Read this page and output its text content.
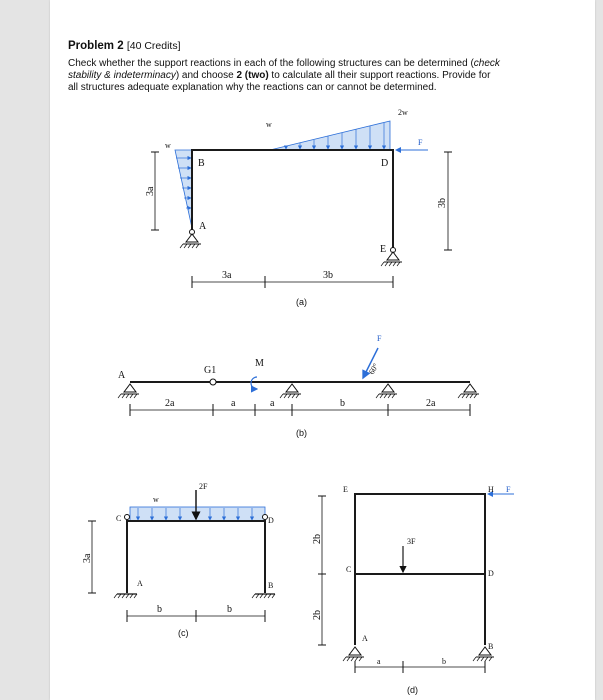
Problem 2 [40 Credits]

Check whether the support reactions in each of the following structures can be determined (check
stability & indeterminacy) and choose 2 (two) to calculate all their support reactions. Provide for
all structures adequate explanation why the reactions can or cannot be determined.

w
w
2w
F
B
A
D
E
3a
3b
3a	3b
(a)
A	G1
M
F
60°
2a	a	a	b	2a
(b)
w
2F
C	D
A	B
3a
b	b
(c)
E	H F
3F
C	D
A
B
2b
2b
a	b
(d)
